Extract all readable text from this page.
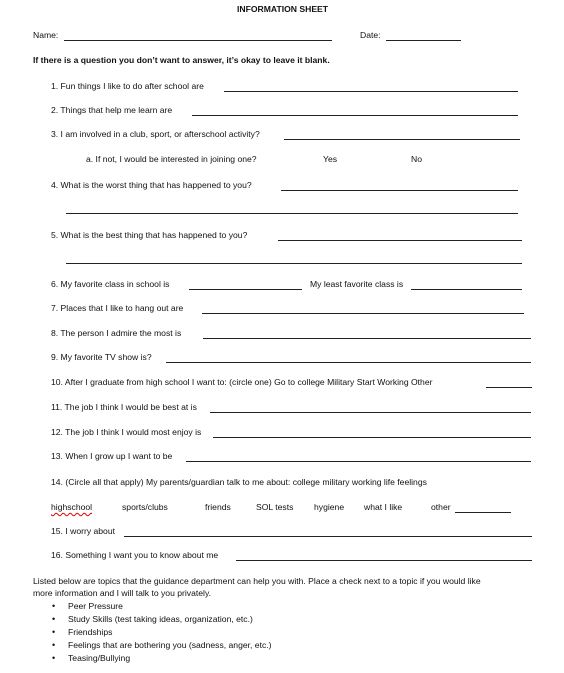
INFORMATION SHEET
Name:	Date:
If there is a question you don’t want to answer, it’s okay to leave it blank.
1. Fun things I like to do after school are
2. Things that help me learn are
3. I am involved in a club, sport, or afterschool activity?
a. If not, I would be interested in joining one?	Yes	No
4. What is the worst thing that has happened to you?
5. What is the best thing that has happened to you?
6. My favorite class in school is	My least favorite class is
7. Places that I like to hang out are
8. The person I admire the most is
9. My favorite TV show is?
10. After I graduate from high school I want to: (circle one) Go to college Military Start Working Other
11. The job I think I would be best at is
12. The job I think I would most enjoy is
13. When I grow up I want to be
14. (Circle all that apply) My parents/guardian talk to me about: college military working life feelings
highschool	sports/clubs	friends	SOL tests hygiene what I like	other
15. I worry about
16. Something I want you to know about me
Listed below are topics that the guidance department can help you with. Place a check next to a topic if you would like
more information and I will talk to you privately.
• Peer Pressure
• Study Skills (test taking ideas, organization, etc.)
• Friendships
• Feelings that are bothering you (sadness, anger, etc.)
• Teasing/Bullying
